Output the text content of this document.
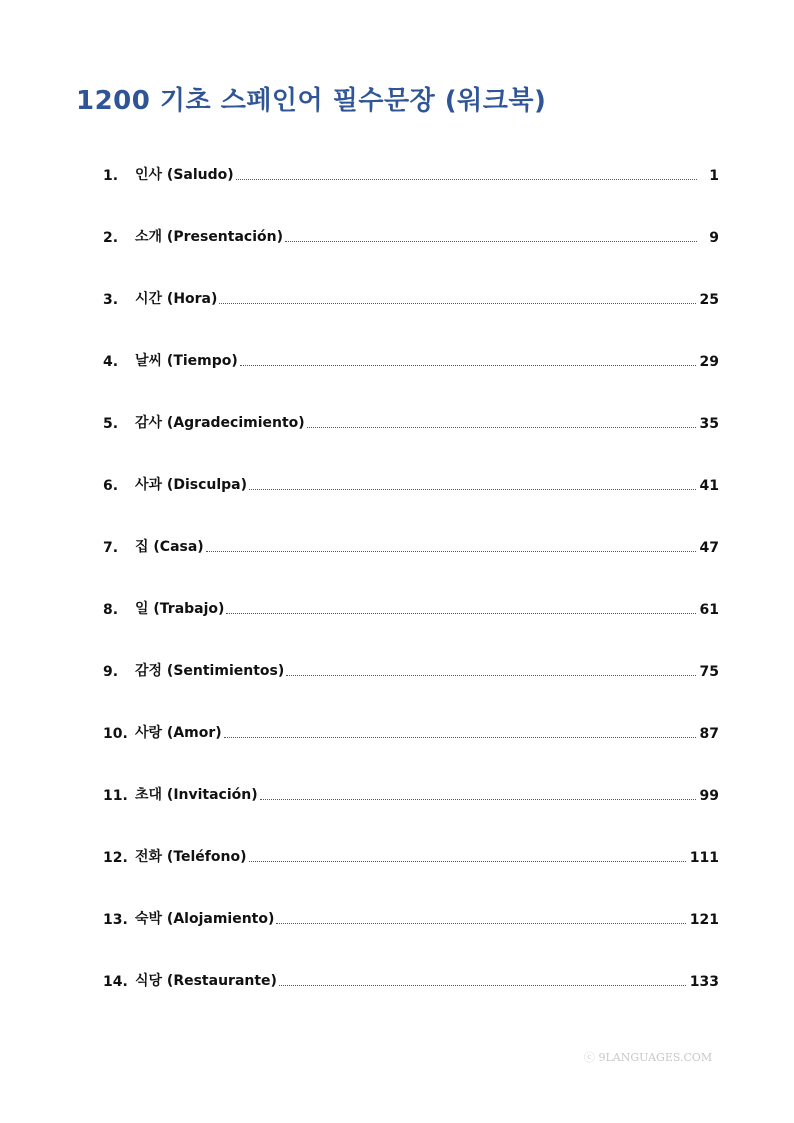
1200 기초 스페인어 필수문장 (워크북)
1.	인사 (Saludo)	1
2.	소개 (Presentación)	9
3.	시간 (Hora)	25
4.	날씨 (Tiempo)	29
5.	감사 (Agradecimiento)	35
6.	사과 (Disculpa)	41
7.	집 (Casa)	47
8.	일 (Trabajo)	61
9.	감정 (Sentimientos)	75
10. 사랑 (Amor)	87
11. 초대 (Invitación)	99
12. 전화 (Teléfono)	111
13. 숙박 (Alojamiento)	121
14. 식당 (Restaurante)	133
ⓒ 9LANGUAGES.COM
